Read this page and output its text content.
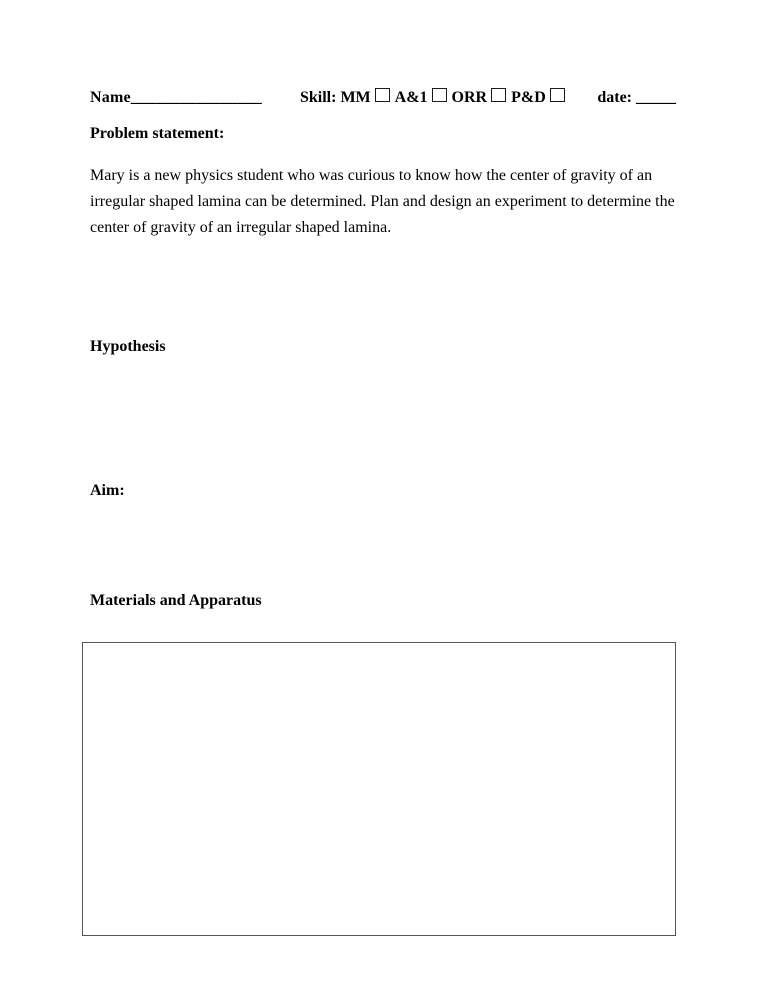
Name________________ Skill: MM A&1 ORR P&D	date: _____
Problem statement:
Mary is a new physics student who was curious to know how the center of gravity of an irregular shaped lamina can be determined. Plan and design an experiment to determine the center of gravity of an irregular shaped lamina.
Hypothesis
Aim:
Materials and Apparatus
